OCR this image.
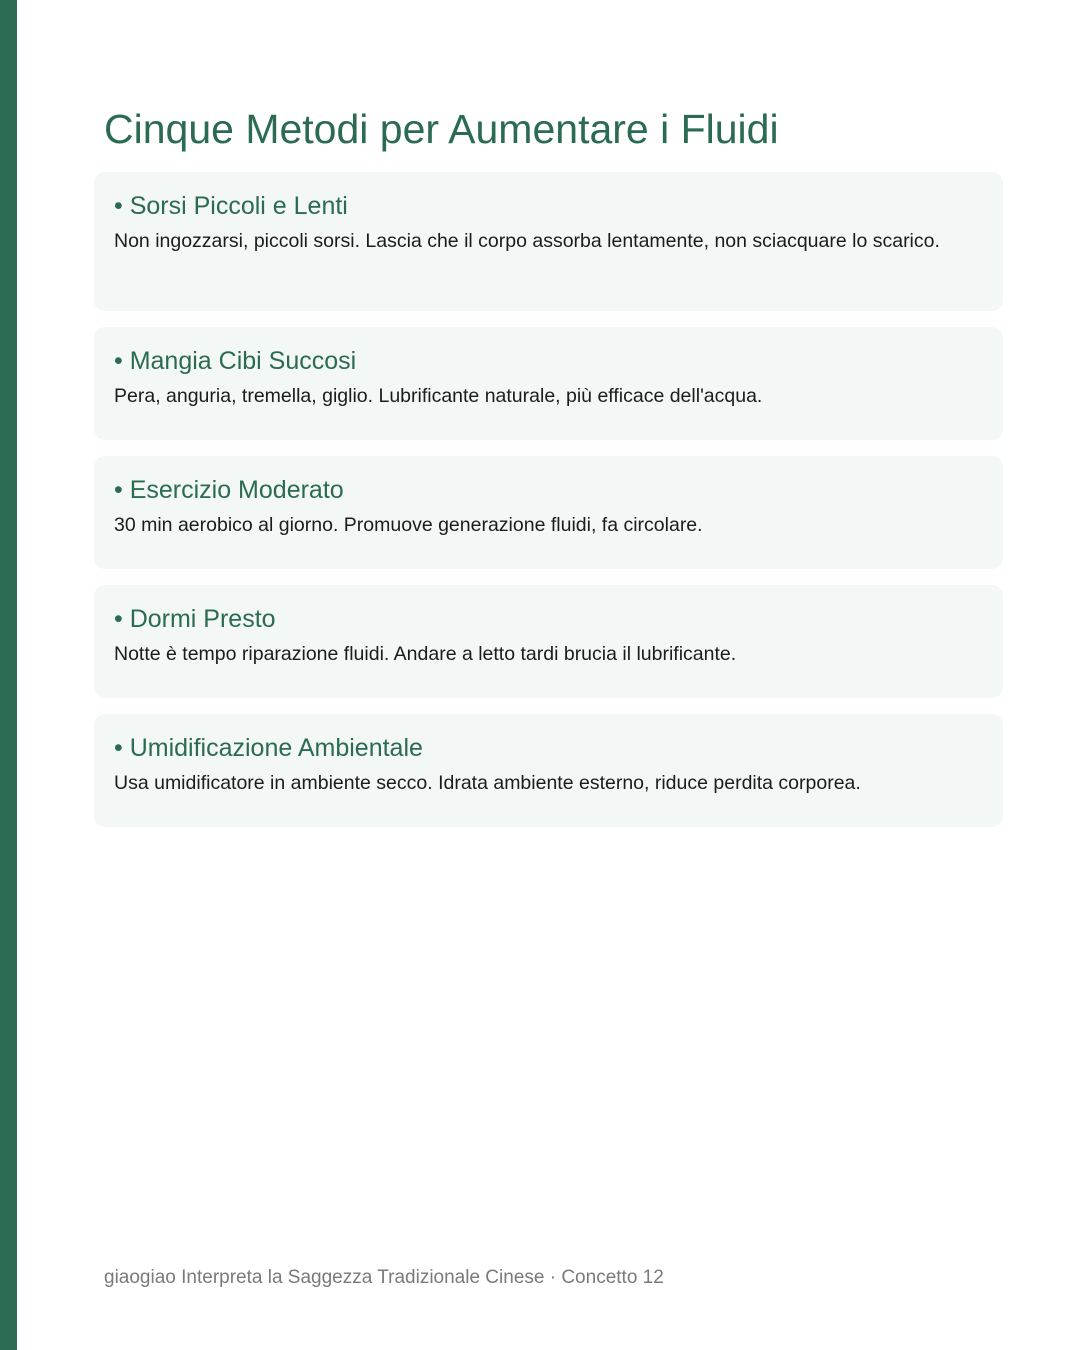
Cinque Metodi per Aumentare i Fluidi
• Sorsi Piccoli e Lenti
Non ingozzarsi, piccoli sorsi. Lascia che il corpo assorba lentamente, non sciacquare lo scarico.
• Mangia Cibi Succosi
Pera, anguria, tremella, giglio. Lubrificante naturale, più efficace dell'acqua.
• Esercizio Moderato
30 min aerobico al giorno. Promuove generazione fluidi, fa circolare.
• Dormi Presto
Notte è tempo riparazione fluidi. Andare a letto tardi brucia il lubrificante.
• Umidificazione Ambientale
Usa umidificatore in ambiente secco. Idrata ambiente esterno, riduce perdita corporea.
giaogiao Interpreta la Saggezza Tradizionale Cinese · Concetto 12
